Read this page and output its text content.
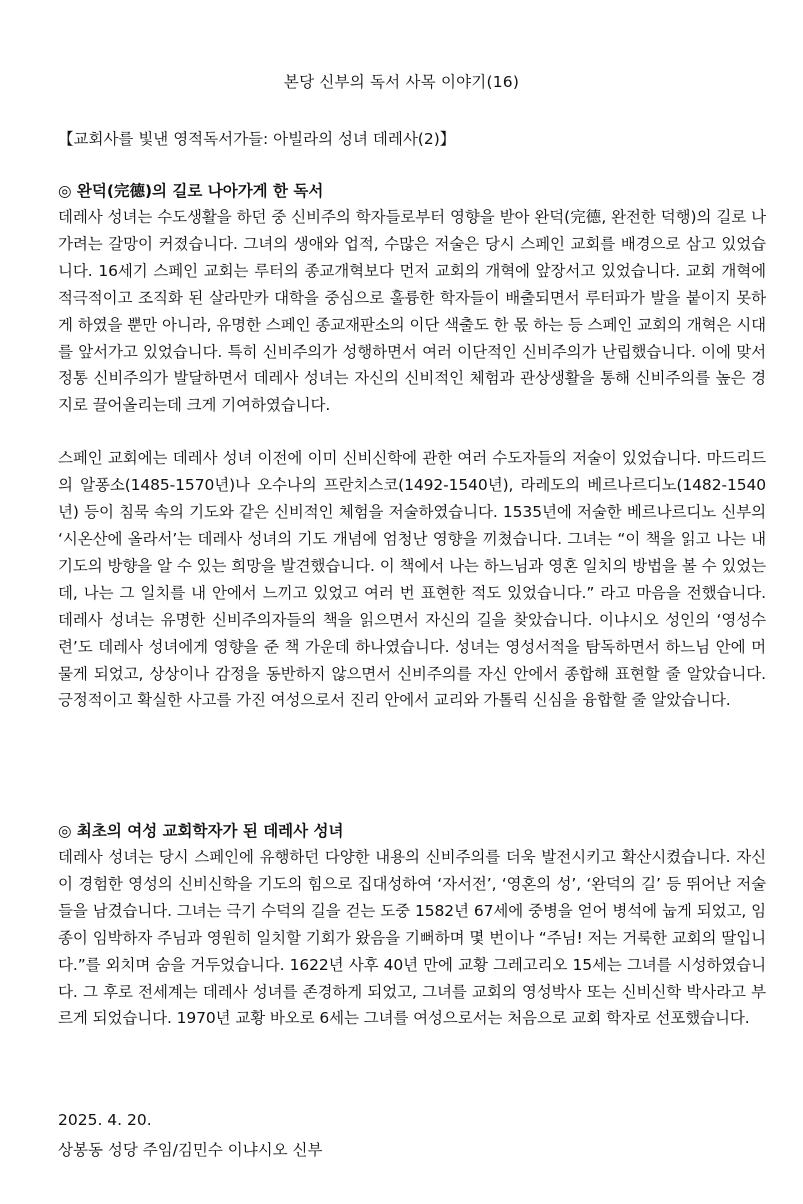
본당 신부의 독서 사목 이야기(16)
【교회사를 빛낸 영적독서가들: 아빌라의 성녀 데레사(2)】

◎ 완덕(完德)의 길로 나아가게 한 독서

데레사 성녀는 수도생활을 하던 중 신비주의 학자들로부터 영향을 받아 완덕(完德, 완전한 덕행)의 길로 나가려는 갈망이 커졌습니다. 그녀의 생애와 업적, 수많은 저술은 당시 스페인 교회를 배경으로 삼고 있었습니다. 16세기 스페인 교회는 루터의 종교개혁보다 먼저 교회의 개혁에 앞장서고 있었습니다. 교회 개혁에 적극적이고 조직화 된 살라만카 대학을 중심으로 훌륭한 학자들이 배출되면서 루터파가 발을 붙이지 못하게 하였을 뿐만 아니라, 유명한 스페인 종교재판소의 이단 색출도 한 몫 하는 등 스페인 교회의 개혁은 시대를 앞서가고 있었습니다. 특히 신비주의가 성행하면서 여러 이단적인 신비주의가 난립했습니다. 이에 맞서 정통 신비주의가 발달하면서 데레사 성녀는 자신의 신비적인 체험과 관상생활을 통해 신비주의를 높은 경지로 끌어올리는데 크게 기여하였습니다.

스페인 교회에는 데레사 성녀 이전에 이미 신비신학에 관한 여러 수도자들의 저술이 있었습니다. 마드리드의 알퐁소(1485-1570년)나 오수나의 프란치스코(1492-1540년), 라레도의 베르나르디노(1482-1540년) 등이 침묵 속의 기도와 같은 신비적인 체험을 저술하였습니다. 1535년에 저술한 베르나르디노 신부의 ‘시온산에 올라서’는 데레사 성녀의 기도 개념에 엄청난 영향을 끼쳤습니다. 그녀는 “이 책을 읽고 나는 내 기도의 방향을 알 수 있는 희망을 발견했습니다. 이 책에서 나는 하느님과 영혼 일치의 방법을 볼 수 있었는데, 나는 그 일치를 내 안에서 느끼고 있었고 여러 번 표현한 적도 있었습니다.” 라고 마음을 전했습니다. 데레사 성녀는 유명한 신비주의자들의 책을 읽으면서 자신의 길을 찾았습니다. 이냐시오 성인의 ‘영성수련’도 데레사 성녀에게 영향을 준 책 가운데 하나였습니다. 성녀는 영성서적을 탐독하면서 하느님 안에 머물게 되었고, 상상이나 감정을 동반하지 않으면서 신비주의를 자신 안에서 종합해 표현할 줄 알았습니다. 긍정적이고 확실한 사고를 가진 여성으로서 진리 안에서 교리와 가톨릭 신심을 융합할 줄 알았습니다.

◎ 최초의 여성 교회학자가 된 데레사 성녀

데레사 성녀는 당시 스페인에 유행하던 다양한 내용의 신비주의를 더욱 발전시키고 확산시켰습니다. 자신이 경험한 영성의 신비신학을 기도의 힘으로 집대성하여 ‘자서전’, ‘영혼의 성’, ‘완덕의 길’ 등 뛰어난 저술들을 남겼습니다. 그녀는 극기 수덕의 길을 걷는 도중 1582년 67세에 중병을 얻어 병석에 눕게 되었고, 임종이 임박하자 주님과 영원히 일치할 기회가 왔음을 기뻐하며 몇 번이나 “주님! 저는 거룩한 교회의 딸입니다.”를 외치며 숨을 거두었습니다. 1622년 사후 40년 만에 교황 그레고리오 15세는 그녀를 시성하였습니다. 그 후로 전세계는 데레사 성녀를 존경하게 되었고, 그녀를 교회의 영성박사 또는 신비신학 박사라고 부르게 되었습니다. 1970년 교황 바오로 6세는 그녀를 여성으로서는 처음으로 교회 학자로 선포했습니다.

2025. 4. 20.
상봉동 성당 주임/김민수 이냐시오 신부
